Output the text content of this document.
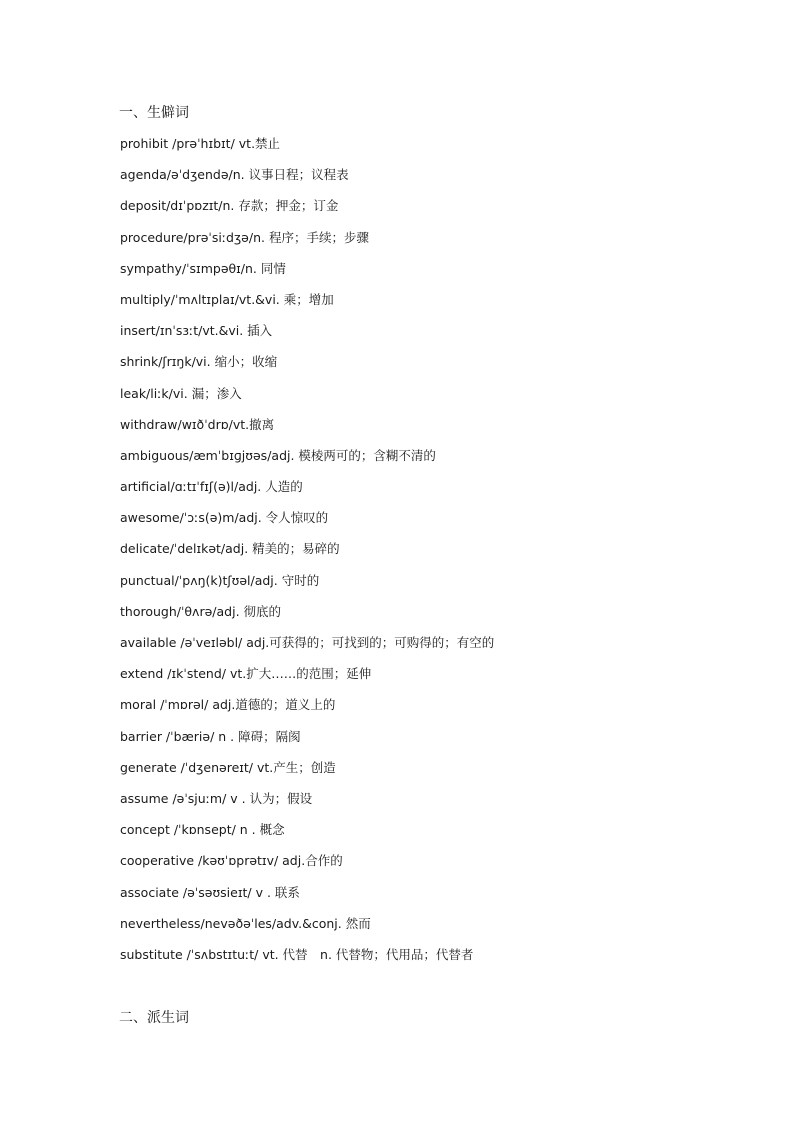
一、生僻词
prohibit /prəˈhɪbɪt/ vt.禁止
agenda/əˈdʒendə/n. 议事日程；议程表
deposit/dɪˈpɒzɪt/n. 存款；押金；订金
procedure/prəˈsiːdʒə/n. 程序；手续；步骤
sympathy/ˈsɪmpəθɪ/n. 同情
multiply/ˈmʌltɪplaɪ/vt.&vi. 乘；增加
insert/ɪnˈsɜːt/vt.&vi. 插入
shrink/ʃrɪŋk/vi. 缩小；收缩
leak/liːk/vi. 漏；渗入
withdraw/wɪðˈdrɒ/vt.撤离
ambiguous/æmˈbɪɡjʊəs/adj. 模棱两可的；含糊不清的
artificial/ɑːtɪˈfɪʃ(ə)l/adj. 人造的
awesome/ˈɔːs(ə)m/adj. 令人惊叹的
delicate/ˈdelɪkət/adj. 精美的；易碎的
punctual/ˈpʌŋ(k)tʃʊəl/adj. 守时的
thorough/ˈθʌrə/adj. 彻底的
available /əˈveɪləbl/ adj.可获得的；可找到的；可购得的；有空的
extend /ɪkˈstend/ vt.扩大……的范围；延伸
moral /ˈmɒrəl/ adj.道德的；道义上的
barrier /ˈbæriə/ n . 障碍；隔阂
generate /ˈdʒenəreɪt/ vt.产生；创造
assume /əˈsjuːm/ v . 认为；假设
concept /ˈkɒnsept/ n . 概念
cooperative /kəʊˈɒprətɪv/ adj.合作的
associate /əˈsəʊsieɪt/ v . 联系
nevertheless/nevəðəˈles/adv.&conj. 然而
substitute /ˈsʌbstɪtuːt/ vt. 代替　n. 代替物；代用品；代替者
二、派生词
